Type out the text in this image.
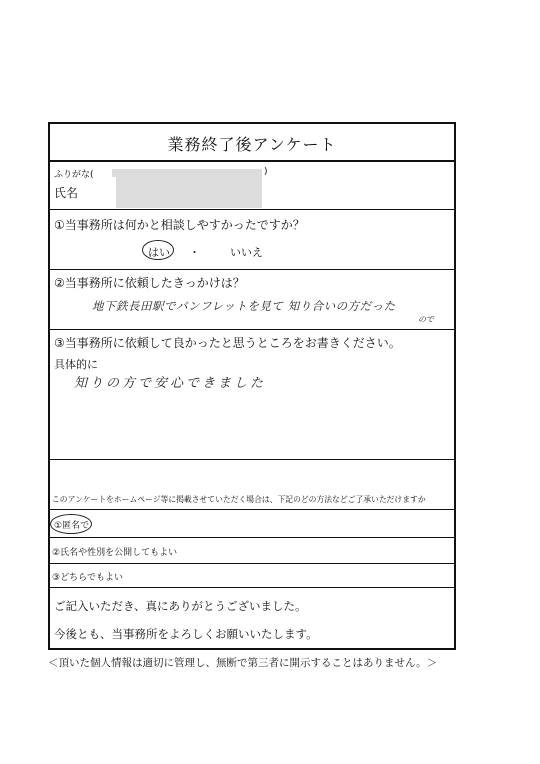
業務終了後アンケート
ふりがな(	)
氏名
①当事務所は何かと相談しやすかったですか？
はい ・	いいえ
②当事務所に依頼したきっかけは？
地下鉄長田駅でパンフレットを見て 知り合いの方だった
ので
③当事務所に依頼して良かったと思うところをお書きください。
具体的に
知りの方で安心できました
このアンケートをホームページ等に掲載させていただく場合は、下記のどの方法などご了承いただけますか
①匿名で
②氏名や性別を公開してもよい
③どちらでもよい
ご記入いただき、真にありがとうございました。
今後とも、当事務所をよろしくお願いいたします。
＜頂いた個人情報は適切に管理し、無断で第三者に開示することはありません。＞
